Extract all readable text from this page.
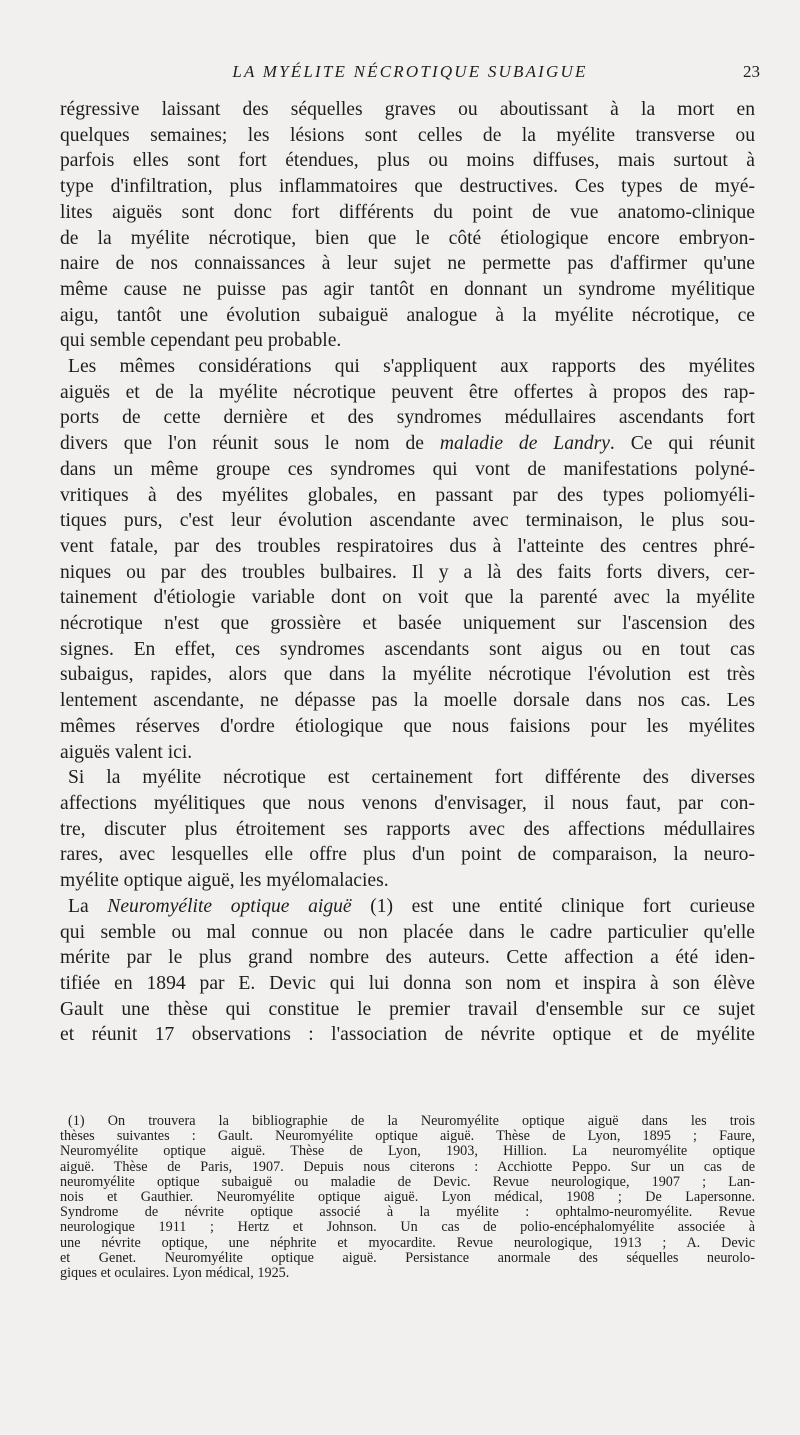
LA MYÉLITE NÉCROTIQUE SUBAIGUE	23
régressive laissant des séquelles graves ou aboutissant à la mort en
quelques semaines; les lésions sont celles de la myélite transverse ou
parfois elles sont fort étendues, plus ou moins diffuses, mais surtout à
type d'infiltration, plus inflammatoires que destructives. Ces types de myé-
lites aiguës sont donc fort différents du point de vue anatomo-clinique
de la myélite nécrotique, bien que le côté étiologique encore embryon-
naire de nos connaissances à leur sujet ne permette pas d'affirmer qu'une
même cause ne puisse pas agir tantôt en donnant un syndrome myélitique
aigu, tantôt une évolution subaiguë analogue à la myélite nécrotique, ce
qui semble cependant peu probable.
Les mêmes considérations qui s'appliquent aux rapports des myélites
aiguës et de la myélite nécrotique peuvent être offertes à propos des rap-
ports de cette dernière et des syndromes médullaires ascendants fort
divers que l'on réunit sous le nom de maladie de Landry. Ce qui réunit
dans un même groupe ces syndromes qui vont de manifestations polyné-
vritiques à des myélites globales, en passant par des types poliomyéli-
tiques purs, c'est leur évolution ascendante avec terminaison, le plus sou-
vent fatale, par des troubles respiratoires dus à l'atteinte des centres phré-
niques ou par des troubles bulbaires. Il y a là des faits forts divers, cer-
tainement d'étiologie variable dont on voit que la parenté avec la myélite
nécrotique n'est que grossière et basée uniquement sur l'ascension des
signes. En effet, ces syndromes ascendants sont aigus ou en tout cas
subaigus, rapides, alors que dans la myélite nécrotique l'évolution est très
lentement ascendante, ne dépasse pas la moelle dorsale dans nos cas. Les
mêmes réserves d'ordre étiologique que nous faisions pour les myélites
aiguës valent ici.
Si la myélite nécrotique est certainement fort différente des diverses
affections myélitiques que nous venons d'envisager, il nous faut, par con-
tre, discuter plus étroitement ses rapports avec des affections médullaires
rares, avec lesquelles elle offre plus d'un point de comparaison, la neuro-
myélite optique aiguë, les myélomalacies.
La Neuromyélite optique aiguë (1) est une entité clinique fort curieuse
qui semble ou mal connue ou non placée dans le cadre particulier qu'elle
mérite par le plus grand nombre des auteurs. Cette affection a été iden-
tifiée en 1894 par E. Devic qui lui donna son nom et inspira à son élève
Gault une thèse qui constitue le premier travail d'ensemble sur ce sujet
et réunit 17 observations : l'association de névrite optique et de myélite
(1) On trouvera la bibliographie de la Neuromyélite optique aiguë dans les trois
thèses suivantes : Gault. Neuromyélite optique aiguë. Thèse de Lyon, 1895 ; Faure,
Neuromyélite optique aiguë. Thèse de Lyon, 1903, Hillion. La neuromyélite optique
aiguë. Thèse de Paris, 1907. Depuis nous citerons : Acchiotte Peppo. Sur un cas de
neuromyélite optique subaiguë ou maladie de Devic. Revue neurologique, 1907 ; Lan-
nois et Gauthier. Neuromyélite optique aiguë. Lyon médical, 1908 ; De Lapersonne.
Syndrome de névrite optique associé à la myélite : ophtalmo-neuromyélite. Revue
neurologique 1911 ; Hertz et Johnson. Un cas de polio-encéphalomyélite associée à
une névrite optique, une néphrite et myocardite. Revue neurologique, 1913 ; A. Devic
et Genet. Neuromyélite optique aiguë. Persistance anormale des séquelles neurolo-
giques et oculaires. Lyon médical, 1925.
